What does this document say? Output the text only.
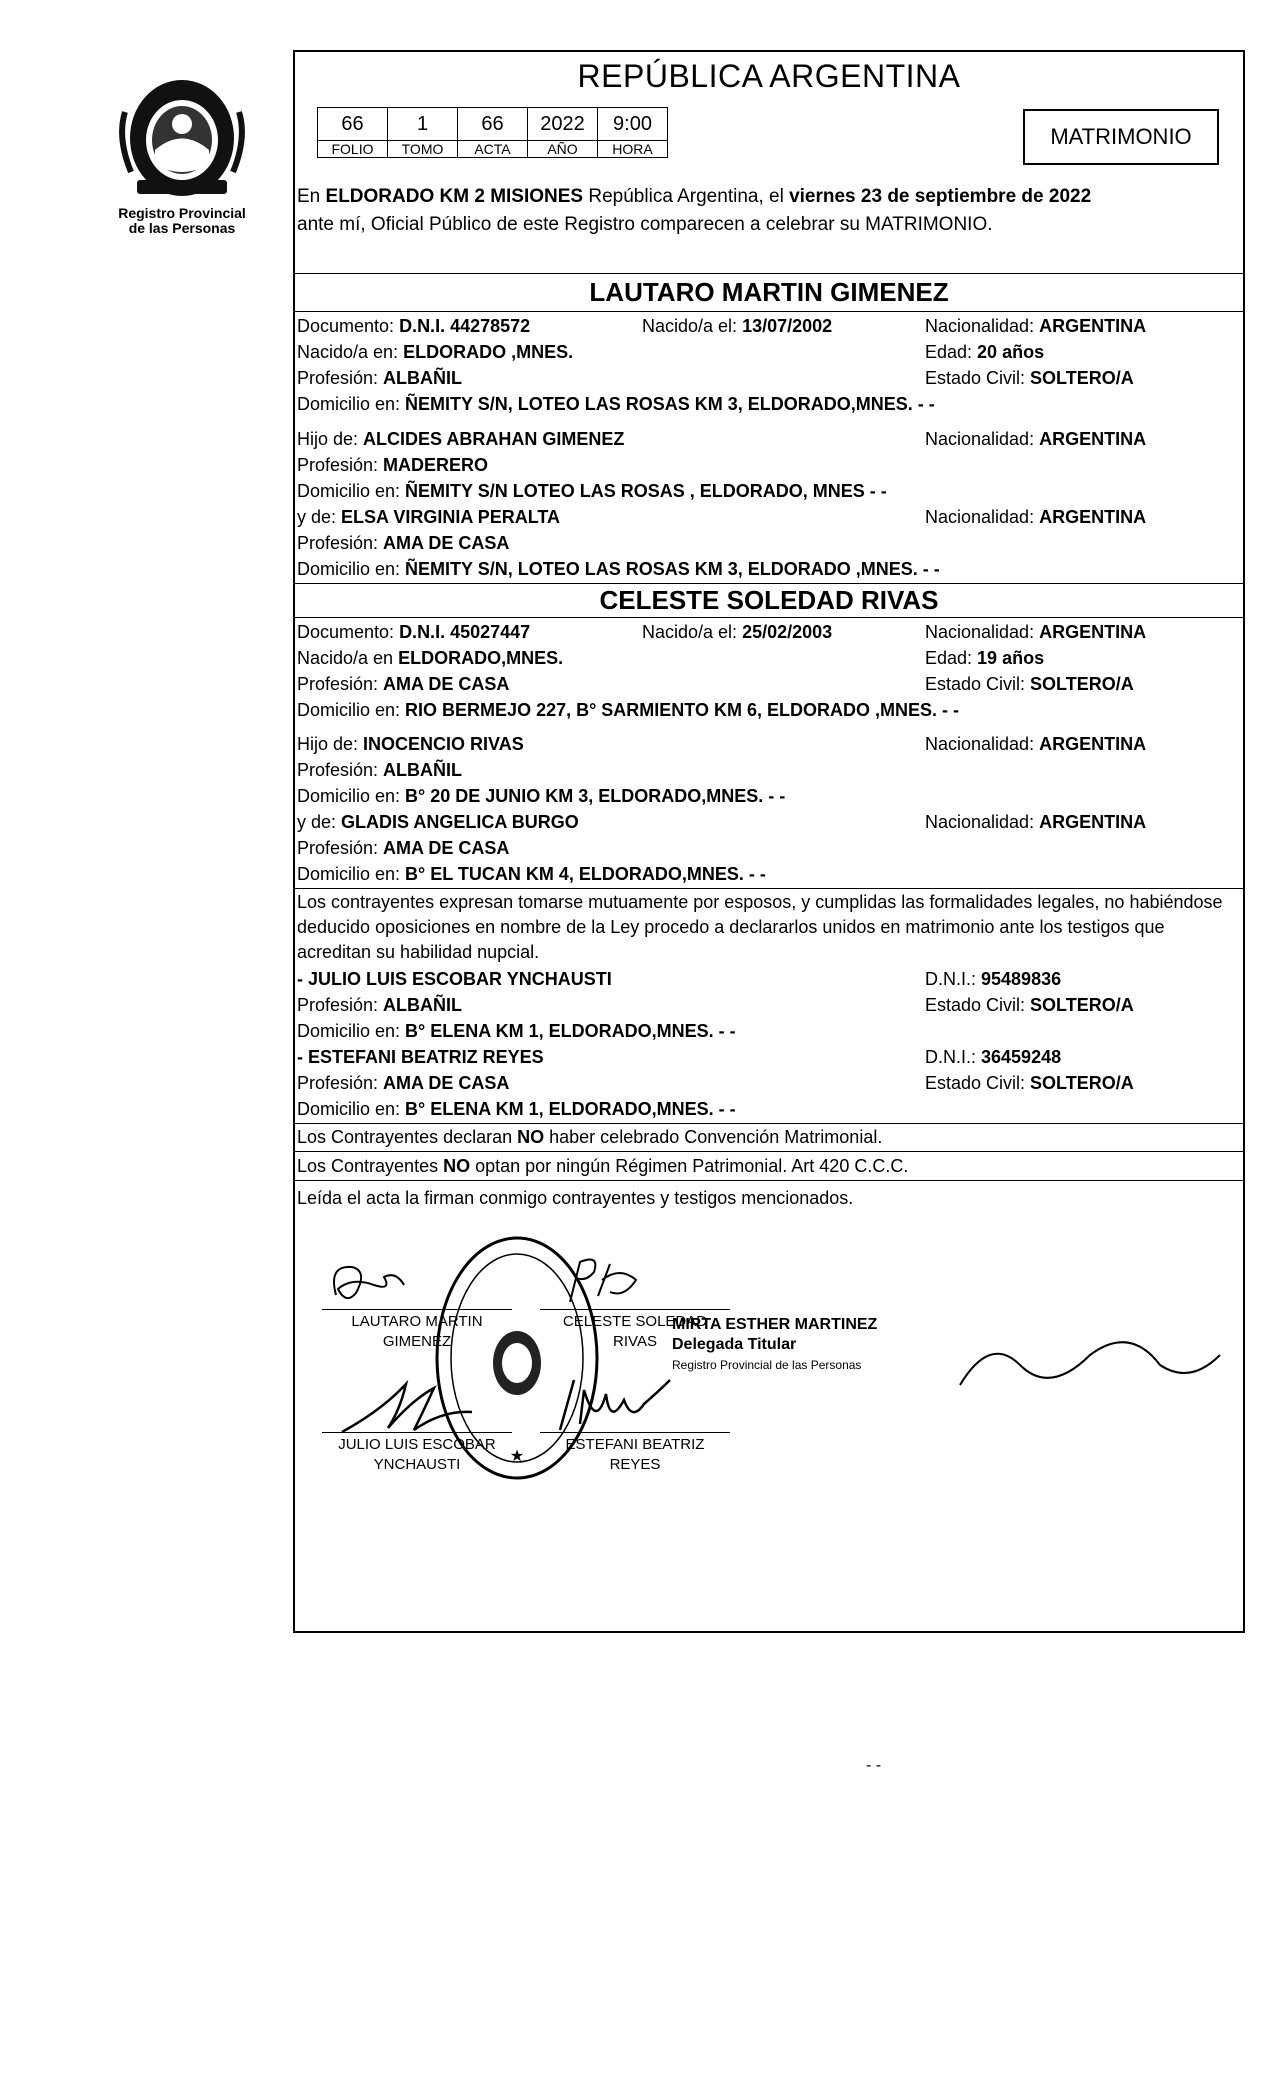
Registro Provincial
de las Personas
REPÚBLICA ARGENTINA
66	1	66	2022	9:00
FOLIO	TOMO	ACTA	AÑO	HORA	MATRIMONIO
En ELDORADO KM 2 MISIONES República Argentina, el viernes 23 de septiembre de 2022
ante mí, Oficial Público de este Registro comparecen a celebrar su MATRIMONIO.
LAUTARO MARTIN GIMENEZ
Documento: D.N.I. 44278572	Nacido/a el: 13/07/2002	Nacionalidad: ARGENTINA
Nacido/a en: ELDORADO ,MNES.	Edad: 20 años
Profesión: ALBAÑIL	Estado Civil: SOLTERO/A
Domicilio en: ÑEMITY S/N, LOTEO LAS ROSAS KM 3, ELDORADO,MNES. - -
Hijo de: ALCIDES ABRAHAN GIMENEZ	Nacionalidad: ARGENTINA
Profesión: MADERERO
Domicilio en: ÑEMITY S/N LOTEO LAS ROSAS , ELDORADO, MNES - -
y de: ELSA VIRGINIA PERALTA	Nacionalidad: ARGENTINA
Profesión: AMA DE CASA
Domicilio en: ÑEMITY S/N, LOTEO LAS ROSAS KM 3, ELDORADO ,MNES. - -
CELESTE SOLEDAD RIVAS
Documento: D.N.I. 45027447	Nacido/a el: 25/02/2003	Nacionalidad: ARGENTINA
Nacido/a en ELDORADO,MNES.	Edad: 19 años
Profesión: AMA DE CASA	Estado Civil: SOLTERO/A
Domicilio en: RIO BERMEJO 227, B° SARMIENTO KM 6, ELDORADO ,MNES. - -
Hijo de: INOCENCIO RIVAS	Nacionalidad: ARGENTINA
Profesión: ALBAÑIL
Domicilio en: B° 20 DE JUNIO KM 3, ELDORADO,MNES. - -
y de: GLADIS ANGELICA BURGO	Nacionalidad: ARGENTINA
Profesión: AMA DE CASA
Domicilio en: B° EL TUCAN KM 4, ELDORADO,MNES. - -
Los contrayentes expresan tomarse mutuamente por esposos, y cumplidas las formalidades legales, no habiéndose deducido oposiciones en nombre de la Ley procedo a declararlos unidos en matrimonio ante los testigos que acreditan su habilidad nupcial.
- JULIO LUIS ESCOBAR YNCHAUSTI	D.N.I.: 95489836
Profesión: ALBAÑIL	Estado Civil: SOLTERO/A
Domicilio en: B° ELENA KM 1, ELDORADO,MNES. - -
- ESTEFANI BEATRIZ REYES	D.N.I.: 36459248
Profesión: AMA DE CASA	Estado Civil: SOLTERO/A
Domicilio en: B° ELENA KM 1, ELDORADO,MNES. - -
Los Contrayentes declaran NO haber celebrado Convención Matrimonial.
Los Contrayentes NO optan por ningún Régimen Patrimonial. Art 420 C.C.C.
Leída el acta la firman conmigo contrayentes y testigos mencionados.
LAUTARO MARTIN
GIMENEZ
CELESTE SOLEDAD
RIVAS
JULIO LUIS ESCOBAR
YNCHAUSTI
ESTEFANI BEATRIZ
REYES
★
MIRTA ESTHER MARTINEZ
Delegada Titular
Registro Provincial de las Personas
- -
